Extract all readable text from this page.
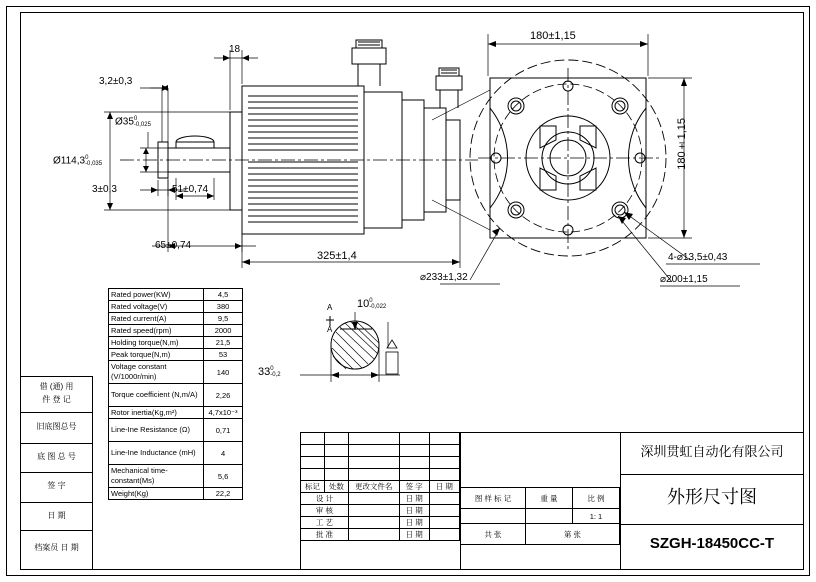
借 (通) 用
件 登 记
旧底图总号
底 图 总 号
签 字
日 期
档案员 日 期
18
3,2±0,3
Ø35 0
-0,025
Ø114,3 0
-0,035
3±0,3	51±0,74
65±0,74
325±1,4
180±1,15
180±1,15
4-⌀13,5±0,43
⌀233±1,32	⌀200±1,15
A
A
10 0
-0,022
33 0
-0,2
Rated power(KW)	4,5
Rated voltage(V)	380
Rated current(A)	9,5
Rated speed(rpm)	2000
Holding torque(N,m)	21,5
Peak torque(N,m)	53
Voltage constant (V/1000r/min)	140
Torque coefficient (N,m/A)	2,26
Rotor inertia(Kg,m²)	4,7x10⁻³
Line-Ine Resistance (Ω)	0,71
Line-Ine Inductance (mH)	4
Mechanical time-constant(Ms)	5,6
Weight(Kg)	22,2

标记	处数	更改文件名	签 字	日 期
设 计			日 期	
审 核			日 期	
工 艺			日 期	
批 准			日 期	
图 样 标 记	重 量	比 例
		1: 1
共 张	第 张	
深圳贯虹自动化有限公司
外形尺寸图
SZGH-18450CC-T
